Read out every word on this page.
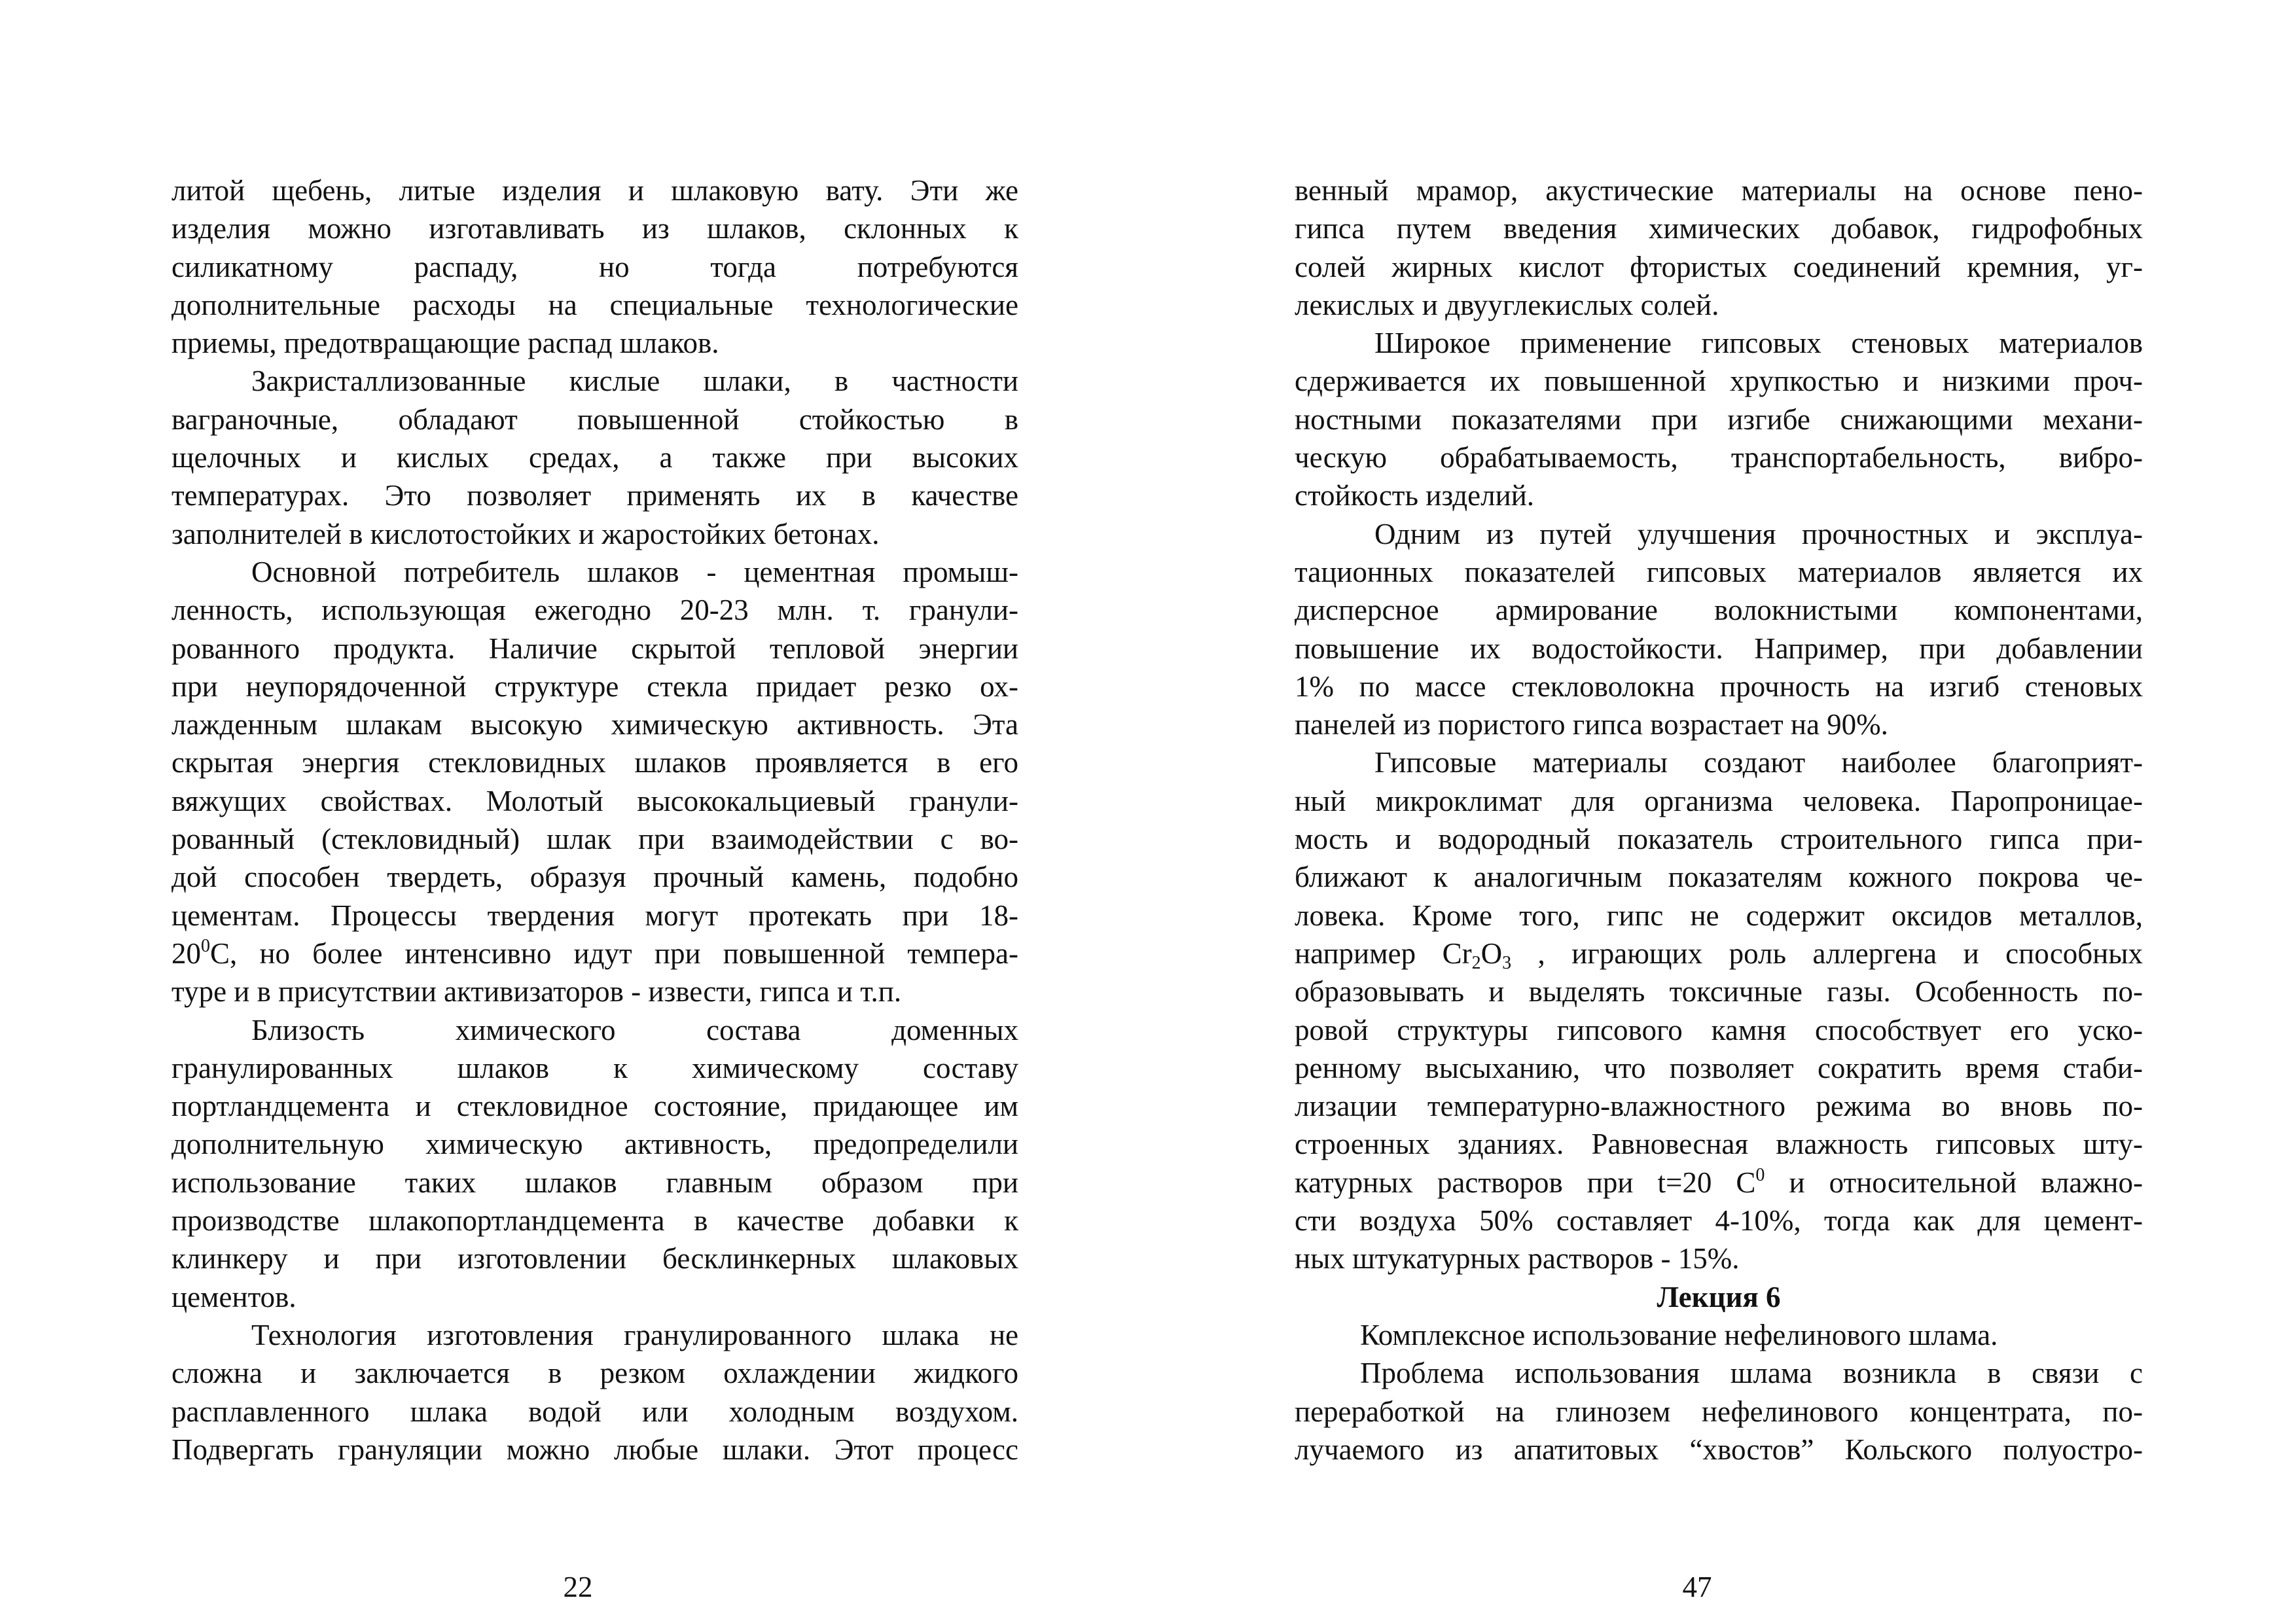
литой щебень, литые изделия и шлаковую вату. Эти же
изделия можно изготавливать из шлаков, склонных к
силикатному распаду, но тогда потребуются
дополнительные расходы на специальные технологические
приемы, предотвращающие распад шлаков.
Закристаллизованные кислые шлаки, в частности
ваграночные, обладают повышенной стойкостью в
щелочных и кислых средах, а также при высоких
температурах. Это позволяет применять их в качестве
заполнителей в кислотостойких и жаростойких бетонах.
Основной потребитель шлаков - цементная промыш-
ленность, использующая ежегодно 20-23 млн. т. гранули-
рованного продукта. Наличие скрытой тепловой энергии
при неупорядоченной структуре стекла придает резко ох-
лажденным шлакам высокую химическую активность. Эта
скрытая энергия стекловидных шлаков проявляется в его
вяжущих свойствах. Молотый высококальциевый гранули-
рованный (стекловидный) шлак при взаимодействии с во-
дой способен твердеть, образуя прочный камень, подобно
цементам. Процессы твердения могут протекать при 18-
$20^0С$, но более интенсивно идут при повышенной темпера-
туре и в присутствии активизаторов - извести, гипса и т.п.
Близость химического состава доменных
гранулированных шлаков к химическому составу
портландцемента и стекловидное состояние, придающее им
дополнительную химическую активность, предопределили
использование таких шлаков главным образом при
производстве шлакопортландцемента в качестве добавки к
клинкеру и при изготовлении бесклинкерных шлаковых
цементов.
Технология изготовления гранулированного шлака не
сложна и заключается в резком охлаждении жидкого
расплавленного шлака водой или холодным воздухом.
Подвергать грануляции можно любые шлаки. Этот процесс
22
венный мрамор, акустические материалы на основе пено-
гипса путем введения химических добавок, гидрофобных
солей жирных кислот фтористых соединений кремния, уг-
лекислых и двууглекислых солей.
Широкое применение гипсовых стеновых материалов
сдерживается их повышенной хрупкостью и низкими проч-
ностными показателями при изгибе снижающими механи-
ческую обрабатываемость, транспортабельность, вибро-
стойкость изделий.
Одним из путей улучшения прочностных и эксплуа-
тационных показателей гипсовых материалов является их
дисперсное армирование волокнистыми компонентами,
повышение их водостойкости. Например, при добавлении
1% по массе стекловолокна прочность на изгиб стеновых
панелей из пористого гипса возрастает на 90%.
Гипсовые материалы создают наиболее благоприят-
ный микроклимат для организма человека. Паропроницае-
мость и водородный показатель строительного гипса при-
ближают к аналогичным показателям кожного покрова че-
ловека. Кроме того, гипс не содержит оксидов металлов,
например $Cr_2O_3$ , играющих роль аллергена и способных
образовывать и выделять токсичные газы. Особенность по-
ровой структуры гипсового камня способствует его уско-
ренному высыханию, что позволяет сократить время стаби-
лизации температурно-влажностного режима во вновь по-
строенных зданиях. Равновесная влажность гипсовых шту-
катурных растворов при t=20 $С^0$ и относительной влажно-
сти воздуха 50% составляет 4-10%, тогда как для цемент-
ных штукатурных растворов - 15%.
Лекция 6
Комплексное использование нефелинового шлама.
Проблема использования шлама возникла в связи с
переработкой на глинозем нефелинового концентрата, по-
лучаемого из апатитовых “хвостов” Кольского полуостро-
47
